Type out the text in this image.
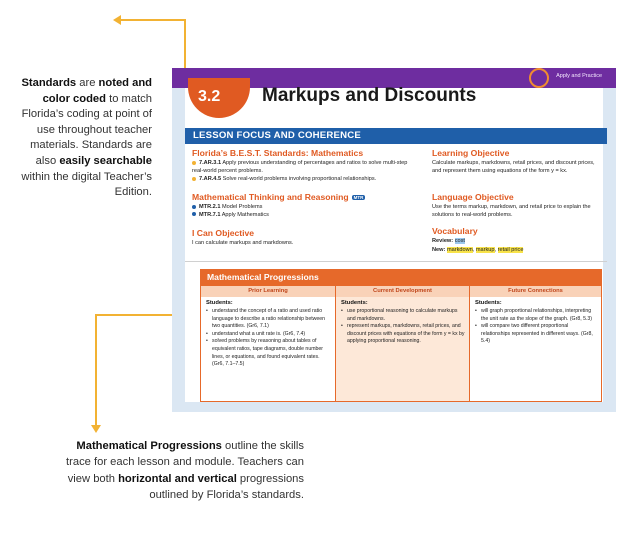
Standards are noted and color coded to match Florida’s coding at point of use throughout teacher materials. Standards are also easily searchable within the digital Teacher’s Edition.
Apply and Practice
3.2 Markups and Discounts
LESSON FOCUS AND COHERENCE
Florida’s B.E.S.T. Standards: Mathematics
7.AR.3.1 Apply previous understanding of percentages and ratios to solve multi-step real-world percent problems.
7.AR.4.5 Solve real-world problems involving proportional relationships.
Mathematical Thinking and Reasoning MTR
MTR.2.1 Model Problems
MTR.7.1 Apply Mathematics
I Can Objective
I can calculate markups and markdowns.
Learning Objective
Calculate markups, markdowns, retail prices, and discount prices, and represent them using equations of the form y = kx.
Language Objective
Use the terms markup, markdown, and retail price to explain the solutions to real-world problems.
Vocabulary
Review: cost
New: markdown, markup, retail price
Mathematical Progressions
Prior Learning
Students:
• understand the concept of a ratio and used ratio language to describe a ratio relationship between two quantities. (Gr6, 7.1)
• understand what a unit rate is. (Gr6, 7.4)
• solved problems by reasoning about tables of equivalent ratios, tape diagrams, double number lines, or equations, and found equivalent rates. (Gr6, 7.1–7.5)
Current Development
Students:
• use proportional reasoning to calculate markups and markdowns.
• represent markups, markdowns, retail prices, and discount prices with equations of the form y = kx by applying proportional reasoning.
Future Connections
Students:
• will graph proportional relationships, interpreting the unit rate as the slope of the graph. (Gr8, 5.3)
• will compare two different proportional relationships represented in different ways. (Gr8, 5.4)
Mathematical Progressions outline the skills trace for each lesson and module. Teachers can view both horizontal and vertical progressions outlined by Florida’s standards.
